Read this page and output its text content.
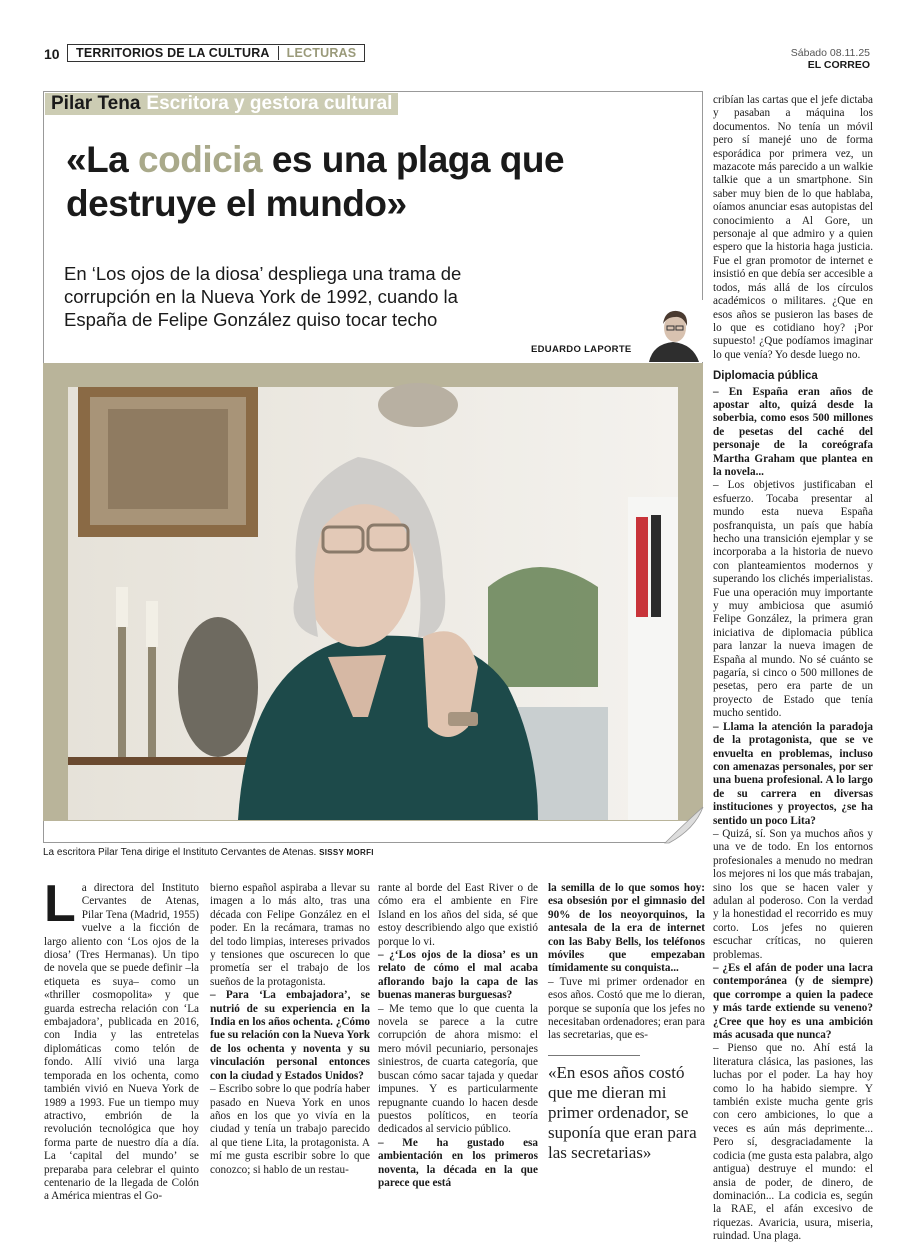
10	TERRITORIOS DE LA CULTURA	LECTURAS	Sábado 08.11.25
EL CORREO
Pilar Tena Escritora y gestora cultural
«La codicia es una plaga que destruye el mundo»
En ‘Los ojos de la diosa’ despliega una trama de corrupción en la Nueva York de 1992, cuando la España de Felipe González quiso tocar techo
EDUARDO LAPORTE
La escritora Pilar Tena dirige el Instituto Cervantes de Atenas. SISSY MORFI
L a directora del Instituto Cervantes de Atenas, Pilar Tena (Madrid, 1955) vuelve a la ficción de largo aliento con ‘Los ojos de la diosa’ (Tres Hermanas). Un tipo de novela que se puede definir –la etiqueta es suya– como un «thriller cosmopolita» y que guarda estrecha relación con ‘La embajadora’, publicada en 2016, con India y las entretelas diplomáticas como telón de fondo. Allí vivió una larga temporada en los ochenta, como también vivió en Nueva York de 1989 a 1993. Fue un tiempo muy atractivo, embrión de la revolución tecnológica que hoy forma parte de nuestro día a día. La ‘capital del mundo’ se preparaba para celebrar el quinto centenario de la llegada de Colón a América mientras el Go-

bierno español aspiraba a llevar su imagen a lo más alto, tras una década con Felipe González en el poder. En la recámara, tramas no del todo limpias, intereses privados y tensiones que oscurecen lo que prometía ser el trabajo de los sueños de la protagonista.

– Para ‘La embajadora’, se nutrió de su experiencia en la India en los años ochenta. ¿Cómo fue su relación con la Nueva York de los ochenta y noventa y su vinculación personal entonces con la ciudad y Estados Unidos?

– Escribo sobre lo que podría haber pasado en Nueva York en unos años en los que yo vivía en la ciudad y tenía un trabajo parecido al que tiene Lita, la protagonista. A mí me gusta escribir sobre lo que conozco; si hablo de un restau-

rante al borde del East River o de cómo era el ambiente en Fire Island en los años del sida, sé que estoy describiendo algo que existió porque lo vi.

– ¿‘Los ojos de la diosa’ es un relato de cómo el mal acaba aflorando bajo la capa de las buenas maneras burguesas?

– Me temo que lo que cuenta la novela se parece a la cutre corrupción de ahora mismo: el mero móvil pecuniario, personajes siniestros, de cuarta categoría, que buscan cómo sacar tajada y quedar impunes. Y es particularmente repugnante cuando lo hacen desde puestos políticos, en teoría dedicados al servicio público.

– Me ha gustado esa ambientación en los primeros noventa, la década en la que parece que está

la semilla de lo que somos hoy: esa obsesión por el gimnasio del 90% de los neoyorquinos, la antesala de la era de internet con las Baby Bells, los teléfonos móviles que empezaban tímidamente su conquista...

– Tuve mi primer ordenador en esos años. Costó que me lo dieran, porque se suponía que los jefes no necesitaban ordenadores; eran para las secretarias, que es-

«En esos años costó que me dieran mi primer ordenador, se suponía que eran para las secretarias»

cribían las cartas que el jefe dictaba y pasaban a máquina los documentos. No tenía un móvil pero sí manejé uno de forma esporádica por primera vez, un mazacote más parecido a un walkie talkie que a un smartphone. Sin saber muy bien de lo que hablaba, oíamos anunciar esas autopistas del conocimiento a Al Gore, un personaje al que admiro y a quien espero que la historia haga justicia. Fue el gran promotor de internet e insistió en que debía ser accesible a todos, más allá de los círculos académicos o militares. ¿Que en esos años se pusieron las bases de lo que es cotidiano hoy? ¡Por supuesto! ¿Que podíamos imaginar lo que venía? Yo desde luego no.

Diplomacia pública

– En España eran años de apostar alto, quizá desde la soberbia, como esos 500 millones de pesetas del caché del personaje de la coreógrafa Martha Graham que plantea en la novela...

– Los objetivos justificaban el esfuerzo. Tocaba presentar al mundo esta nueva España posfranquista, un país que había hecho una transición ejemplar y se incorporaba a la historia de nuevo con planteamientos modernos y superando los clichés imperialistas. Fue una operación muy importante y muy ambiciosa que asumió Felipe González, la primera gran iniciativa de diplomacia pública para lanzar la nueva imagen de España al mundo. No sé cuánto se pagaría, si cinco o 500 millones de pesetas, pero era parte de un proyecto de Estado que tenía mucho sentido.

– Llama la atención la paradoja de la protagonista, que se ve envuelta en problemas, incluso con amenazas personales, por ser una buena profesional. A lo largo de su carrera en diversas instituciones y proyectos, ¿se ha sentido un poco Lita?

– Quizá, sí. Son ya muchos años y una ve de todo. En los entornos profesionales a menudo no medran los mejores ni los que más trabajan, sino los que se hacen valer y adulan al poderoso. Con la verdad y la honestidad el recorrido es muy corto. Los jefes no quieren escuchar críticas, no quieren problemas.

– ¿Es el afán de poder una lacra contemporánea (y de siempre) que corrompe a quien la padece y más tarde extiende su veneno? ¿Cree que hoy es una ambición más acusada que nunca?

– Pienso que no. Ahí está la literatura clásica, las pasiones, las luchas por el poder. La hay hoy como lo ha habido siempre. Y también existe mucha gente gris con cero ambiciones, lo que a veces es aún más deprimente... Pero sí, desgraciadamente la codicia (me gusta esta palabra, algo antigua) destruye el mundo: el ansia de poder, de dinero, de dominación... La codicia es, según la RAE, el afán excesivo de riquezas. Avaricia, usura, miseria, ruindad. Una plaga.
